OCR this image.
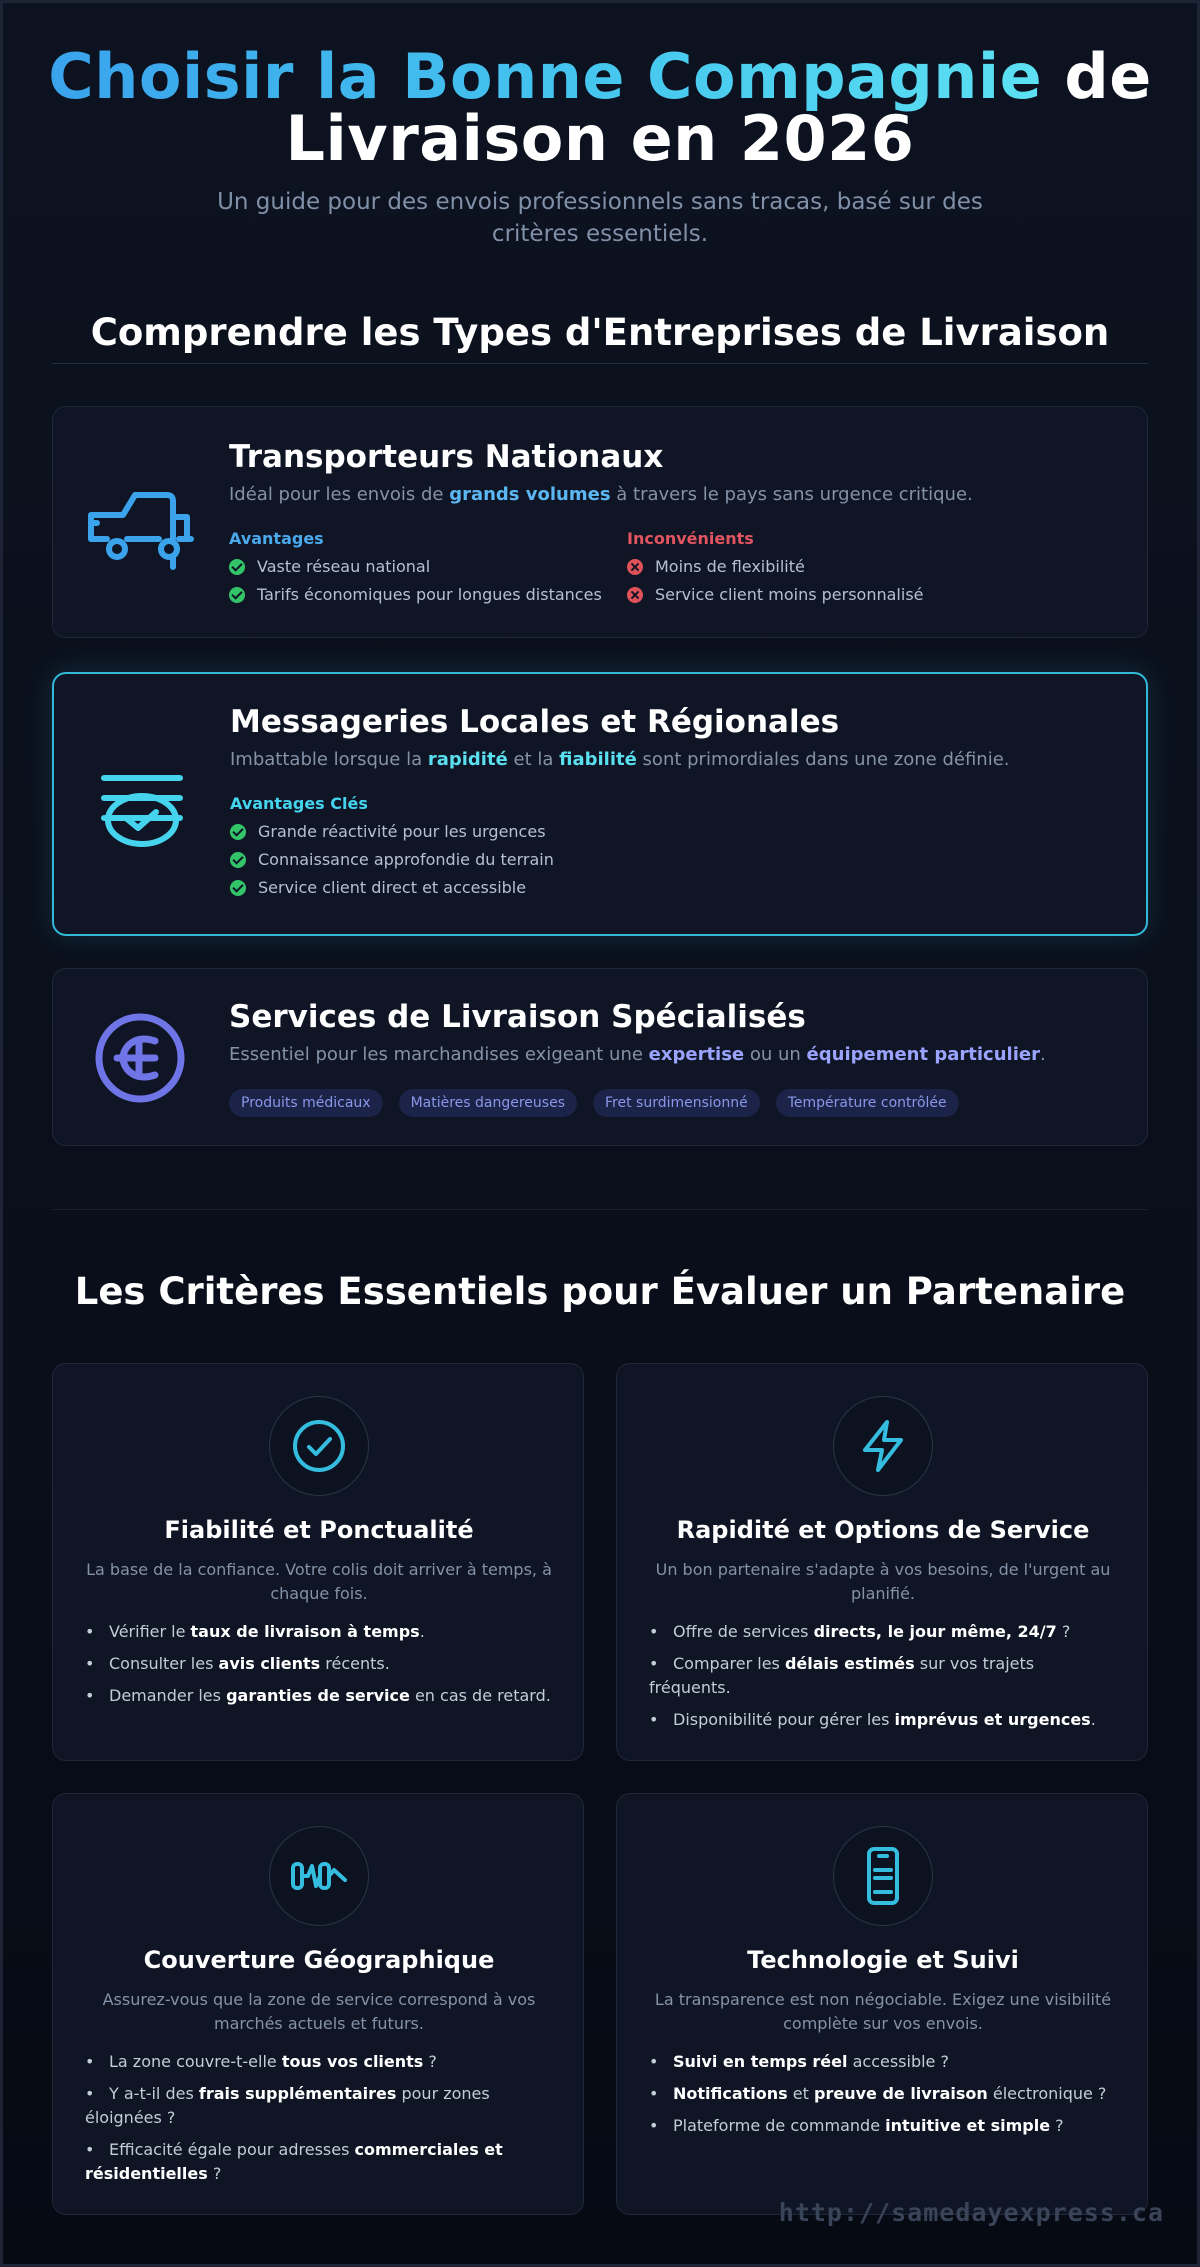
Choisir la Bonne Compagnie de
Livraison en 2026
Un guide pour des envois professionnels sans tracas, basé sur des critères essentiels.
Comprendre les Types d'Entreprises de Livraison
Transporteurs Nationaux
Idéal pour les envois de grands volumes à travers le pays sans urgence critique.
Avantages
Vaste réseau national
Tarifs économiques pour longues distances
Inconvénients
Moins de flexibilité
Service client moins personnalisé
Messageries Locales et Régionales
Imbattable lorsque la rapidité et la fiabilité sont primordiales dans une zone définie.
Avantages Clés
Grande réactivité pour les urgences
Connaissance approfondie du terrain
Service client direct et accessible
Services de Livraison Spécialisés
Essentiel pour les marchandises exigeant une expertise ou un équipement particulier.
Produits médicaux	Matières dangereuses	Fret surdimensionné	Température contrôlée
Les Critères Essentiels pour Évaluer un Partenaire
Fiabilité et Ponctualité
La base de la confiance. Votre colis doit arriver à temps, à chaque fois.
• Vérifier le taux de livraison à temps.
• Consulter les avis clients récents.
• Demander les garanties de service en cas de retard.
Rapidité et Options de Service
Un bon partenaire s'adapte à vos besoins, de l'urgent au planifié.
• Offre de services directs, le jour même, 24/7 ?
• Comparer les délais estimés sur vos trajets fréquents.
• Disponibilité pour gérer les imprévus et urgences.
Couverture Géographique
Assurez-vous que la zone de service correspond à vos marchés actuels et futurs.
• La zone couvre-t-elle tous vos clients ?
• Y a-t-il des frais supplémentaires pour zones éloignées ?
• Efficacité égale pour adresses commerciales et résidentielles ?
Technologie et Suivi
La transparence est non négociable. Exigez une visibilité complète sur vos envois.
• Suivi en temps réel accessible ?
• Notifications et preuve de livraison électronique ?
• Plateforme de commande intuitive et simple ?
http://samedayexpress.ca
